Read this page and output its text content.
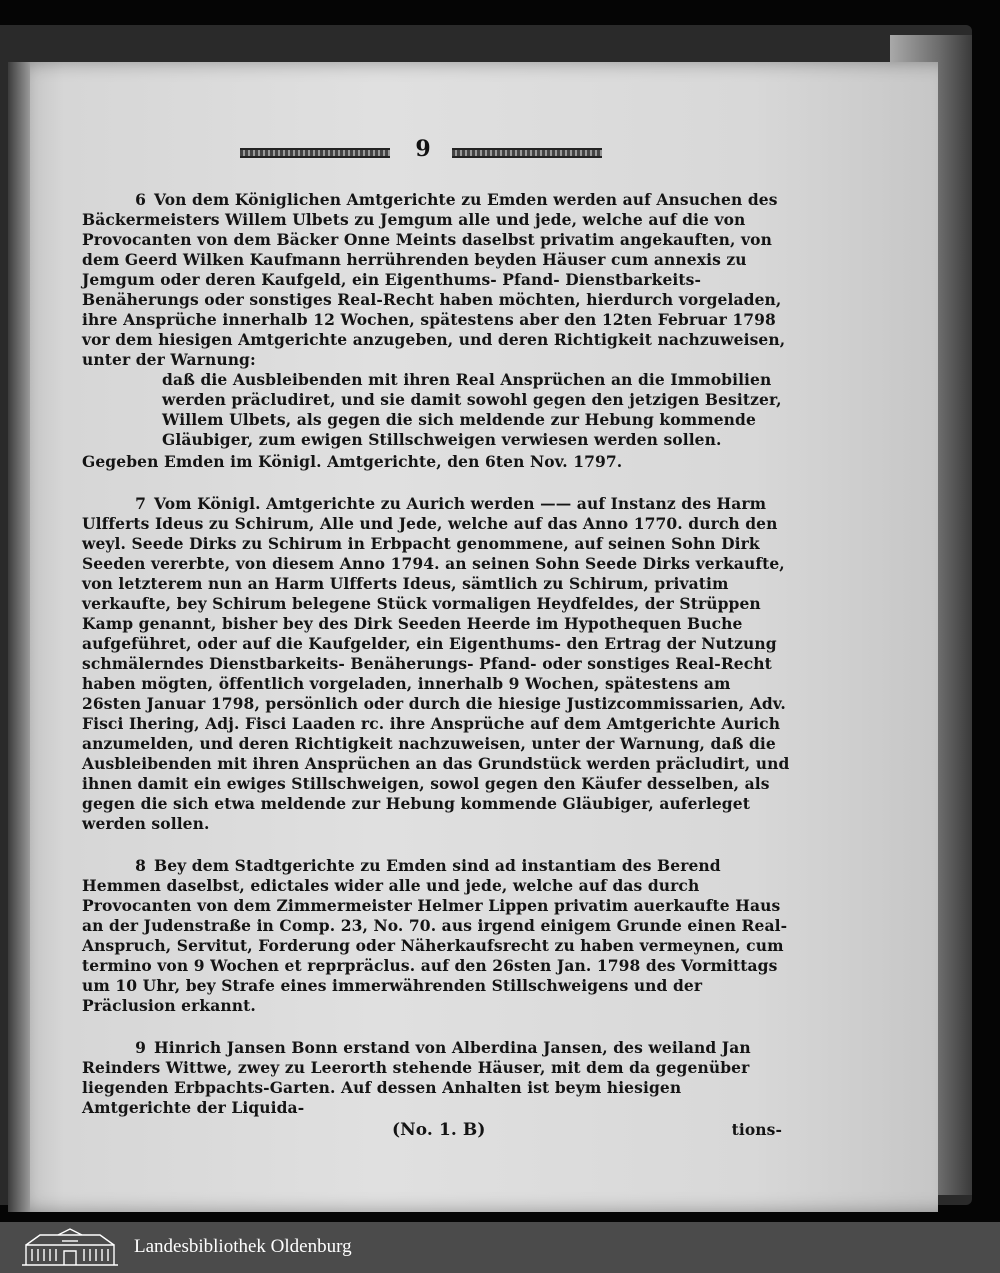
9
6 Von dem Königlichen Amtgerichte zu Emden werden auf Ansuchen des Bäckermeisters Willem Ulbets zu Jemgum alle und jede, welche auf die von Provocanten von dem Bäcker Onne Meints daselbst privatim angekauften, von dem Geerd Wilken Kaufmann herrührenden beyden Häuser cum annexis zu Jemgum oder deren Kaufgeld, ein Eigenthums- Pfand- Dienstbarkeits- Benäherungs oder sonstiges Real-Recht haben möchten, hierdurch vorgeladen, ihre Ansprüche innerhalb 12 Wochen, spätestens aber den 12ten Februar 1798 vor dem hiesigen Amtgerichte anzugeben, und deren Richtigkeit nachzuweisen, unter der Warnung:
daß die Ausbleibenden mit ihren Real Ansprüchen an die Immobilien werden präcludiret, und sie damit sowohl gegen den jetzigen Besitzer, Willem Ulbets, als gegen die sich meldende zur Hebung kommende Gläubiger, zum ewigen Stillschweigen verwiesen werden sollen.
Gegeben Emden im Königl. Amtgerichte, den 6ten Nov. 1797.
7 Vom Königl. Amtgerichte zu Aurich werden —— auf Instanz des Harm Ulfferts Ideus zu Schirum, Alle und Jede, welche auf das Anno 1770. durch den weyl. Seede Dirks zu Schirum in Erbpacht genommene, auf seinen Sohn Dirk Seeden vererbte, von diesem Anno 1794. an seinen Sohn Seede Dirks verkaufte, von letzterem nun an Harm Ulfferts Ideus, sämtlich zu Schirum, privatim verkaufte, bey Schirum belegene Stück vormaligen Heydfeldes, der Strüppen Kamp genannt, bisher bey des Dirk Seeden Heerde im Hypothequen Buche aufgeführet, oder auf die Kaufgelder, ein Eigenthums- den Ertrag der Nutzung schmälerndes Dienstbarkeits- Benäherungs- Pfand- oder sonstiges Real-Recht haben mögten, öffentlich vorgeladen, innerhalb 9 Wochen, spätestens am 26sten Januar 1798, persönlich oder durch die hiesige Justizcommissarien, Adv. Fisci Ihering, Adj. Fisci Laaden rc. ihre Ansprüche auf dem Amtgerichte Aurich anzumelden, und deren Richtigkeit nachzuweisen, unter der Warnung, daß die Ausbleibenden mit ihren Ansprüchen an das Grundstück werden präcludirt, und ihnen damit ein ewiges Stillschweigen, sowol gegen den Käufer desselben, als gegen die sich etwa meldende zur Hebung kommende Gläubiger, auferleget werden sollen.
8 Bey dem Stadtgerichte zu Emden sind ad instantiam des Berend Hemmen daselbst, edictales wider alle und jede, welche auf das durch Provocanten von dem Zimmermeister Helmer Lippen privatim auerkaufte Haus an der Judenstraße in Comp. 23, No. 70. aus irgend einigem Grunde einen Real-Anspruch, Servitut, Forderung oder Näherkaufsrecht zu haben vermeynen, cum termino von 9 Wochen et reprpräclus. auf den 26sten Jan. 1798 des Vormittags um 10 Uhr, bey Strafe eines immerwährenden Stillschweigens und der Präclusion erkannt.
9 Hinrich Jansen Bonn erstand von Alberdina Jansen, des weiland Jan Reinders Wittwe, zwey zu Leerorth stehende Häuser, mit dem da gegenüber liegenden Erbpachts-Garten. Auf dessen Anhalten ist beym hiesigen Amtgerichte der Liquida-
(No. 1. B)	tions-
Landesbibliothek Oldenburg
